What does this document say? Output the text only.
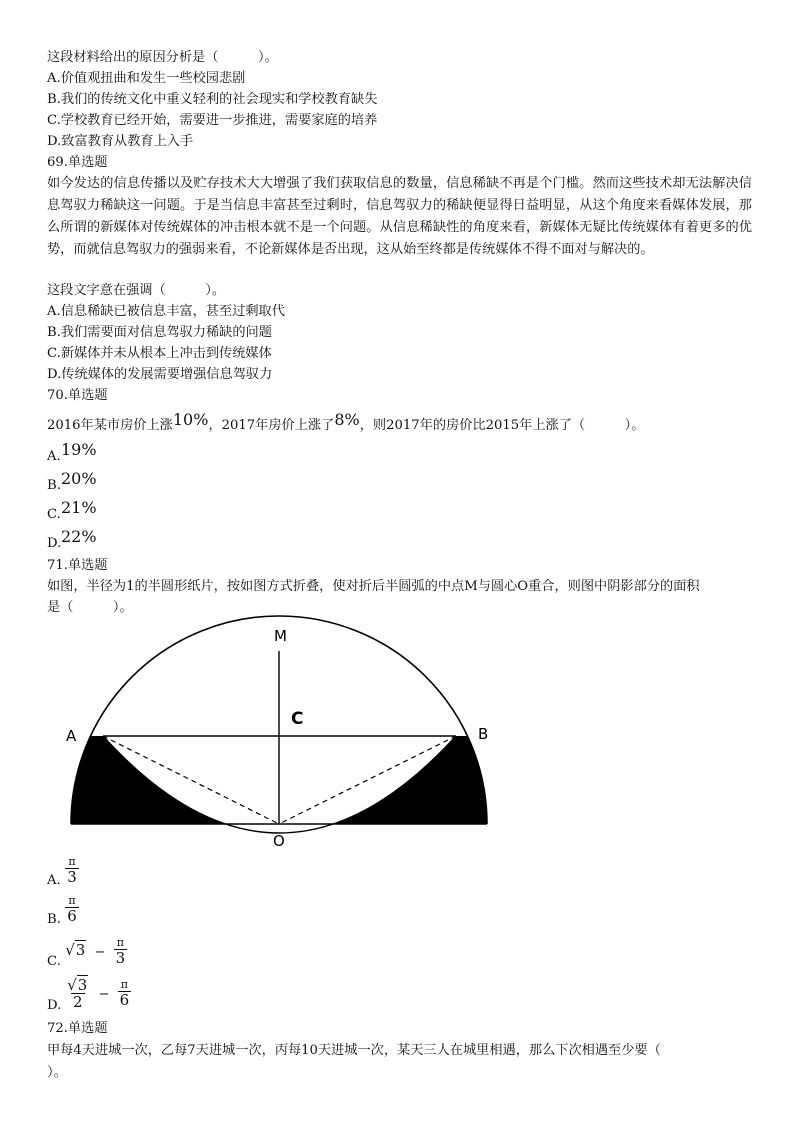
这段材料给出的原因分析是（　　　）。
A.价值观扭曲和发生一些校园悲剧
B.我们的传统文化中重义轻利的社会现实和学校教育缺失
C.学校教育已经开始，需要进一步推进，需要家庭的培养
D.致富教育从教育上入手
69.单选题
如今发达的信息传播以及贮存技术大大增强了我们获取信息的数量，信息稀缺不再是个门槛。然而这些技术却无法解决信息驾驭力稀缺这一问题。于是当信息丰富甚至过剩时，信息驾驭力的稀缺便显得日益明显，从这个角度来看媒体发展，那么所谓的新媒体对传统媒体的冲击根本就不是一个问题。从信息稀缺性的角度来看，新媒体无疑比传统媒体有着更多的优势，而就信息驾驭力的强弱来看，不论新媒体是否出现，这从始至终都是传统媒体不得不面对与解决的。
这段文字意在强调（　　　）。
A.信息稀缺已被信息丰富，甚至过剩取代
B.我们需要面对信息驾驭力稀缺的问题
C.新媒体并未从根本上冲击到传统媒体
D.传统媒体的发展需要增强信息驾驭力
70.单选题
2016年某市房价上涨10%，2017年房价上涨了8%，则2017年的房价比2015年上涨了（　　　）。
A.19%
B.20%
C.21%
D.22%
71.单选题
如图，半径为1的半圆形纸片，按如图方式折叠，使对折后半圆弧的中点M与圆心O重合，则图中阴影部分的面积
是（　　　）。
M
C
A	B
O
A. $\frac{\pi}{3}$
B. $\frac{\pi}{6}$
C. $√3 - \frac{\pi}{3}$
D. $\frac{√3}{2} - \frac{\pi}{6}$
72.单选题
甲每4天进城一次，乙每7天进城一次，丙每10天进城一次，某天三人在城里相遇，那么下次相遇至少要（
）。
